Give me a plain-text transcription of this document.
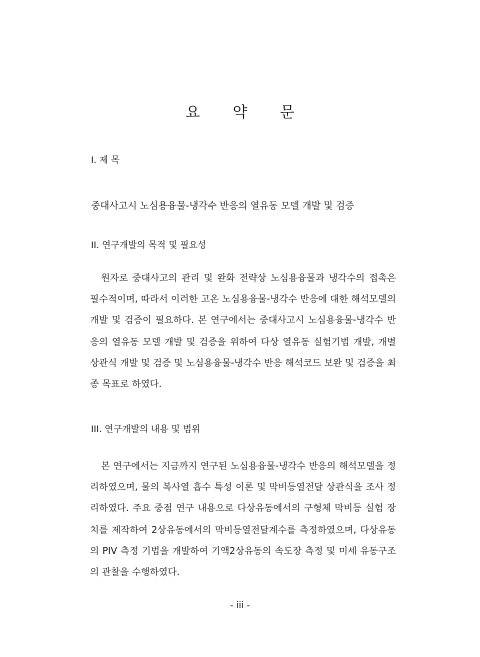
요 약 문
I. 제 목
중대사고시 노심용융물-냉각수 반응의 열유동 모델 개발 및 검증
II. 연구개발의 목적 및 필요성
원자로 중대사고의 관리 및 완화 전략상 노심용융물과 냉각수의 접촉은 필수적이며, 따라서 이러한 고온 노심용융물-냉각수 반응에 대한 해석모델의 개발 및 검증이 필요하다. 본 연구에서는 중대사고시 노심용융물-냉각수 반응의 열유동 모델 개발 및 검증을 위하여 다상 열유동 실험기법 개발, 개별 상관식 개발 및 검증 및 노심용융물-냉각수 반응 해석코드 보완 및 검증을 최종 목표로 하였다.
III. 연구개발의 내용 및 범위
본 연구에서는 지금까지 연구된 노심용융물-냉각수 반응의 해석모델을 정리하였으며, 물의 복사열 흡수 특성 이론 및 막비등열전달 상관식을 조사 정리하였다. 주요 중점 연구 내용으로 다상유동에서의 구형체 막비등 실험 장치를 제작하여 2상유동에서의 막비등열전달계수를 측정하였으며, 다상유동의 PIV 측정 기법을 개발하여 기액2상유동의 속도장 측정 및 미세 유동구조의 관찰을 수행하였다.
- iii -
